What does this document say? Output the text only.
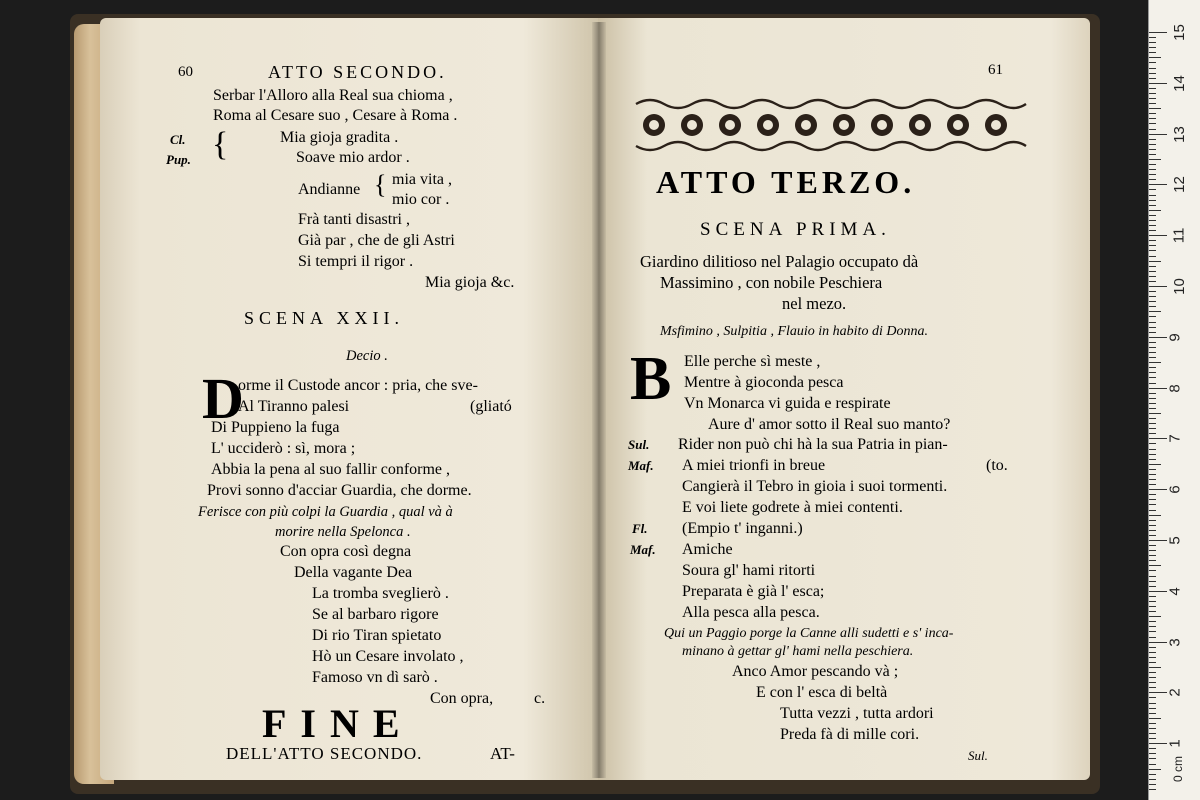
60	ATTO SECONDO.
Serbar l'Alloro alla Real sua chioma ,
Roma al Cesare suo , Cesare à Roma .
Cl.
Pup. {	Mia gioja gradita .
Soave mio ardor .
Andianne { mia vita ,
mio cor .
Frà tanti disastri ,
Già par , che de gli Astri
Si tempri il rigor .
Mia gioja &c.
SCENA XXII.
Decio .
D
orme il Custode ancor : pria, che sve-
Al Tiranno palesi	(gliató
Di Puppieno la fuga
L' ucciderò : sì, mora ;
Abbia la pena al suo fallir conforme ,
Provi sonno d'acciar Guardia, che dorme.
Ferisce con più colpi la Guardia , qual và à
morire nella Spelonca .
Con opra così degna
Della vagante Dea
La tromba sveglierò .
Se al barbaro rigore
Di rio Tiran spietato
Hò un Cesare involato ,
Famoso vn dì sarò .
Con opra,	c.
FINE
DELL'ATTO SECONDO.	AT-
61
ATTO TERZO.
SCENA PRIMA.
Giardino dilitioso nel Palagio occupato dà
Massimino , con nobile Peschiera
nel mezo.
Msfimino , Sulpitia , Flauio in habito di Donna.
B Elle perche sì meste ,
Mentre à gioconda pesca
Vn Monarca vi guida e respirate
Aure d' amor sotto il Real suo manto?
Sul. Rider non può chi hà la sua Patria in pian-
Maf. A miei trionfi in breue	(to.
Cangierà il Tebro in gioia i suoi tormenti.
E voi liete godrete à miei contenti.
Fl. (Empio t' inganni.)
Maf. Amiche
Soura gl' hami ritorti
Preparata è già l' esca;
Alla pesca alla pesca.
Qui un Paggio porge la Canne alli sudetti e s' inca-
minano à gettar gl' hami nella peschiera.
Anco Amor pescando và ;
E con l' esca di beltà
Tutta vezzi , tutta ardori
Preda fà di mille cori.
Sul.
0 cm
15
14
13
12
11
10
9
8
7
6
5
4
3
2
1
